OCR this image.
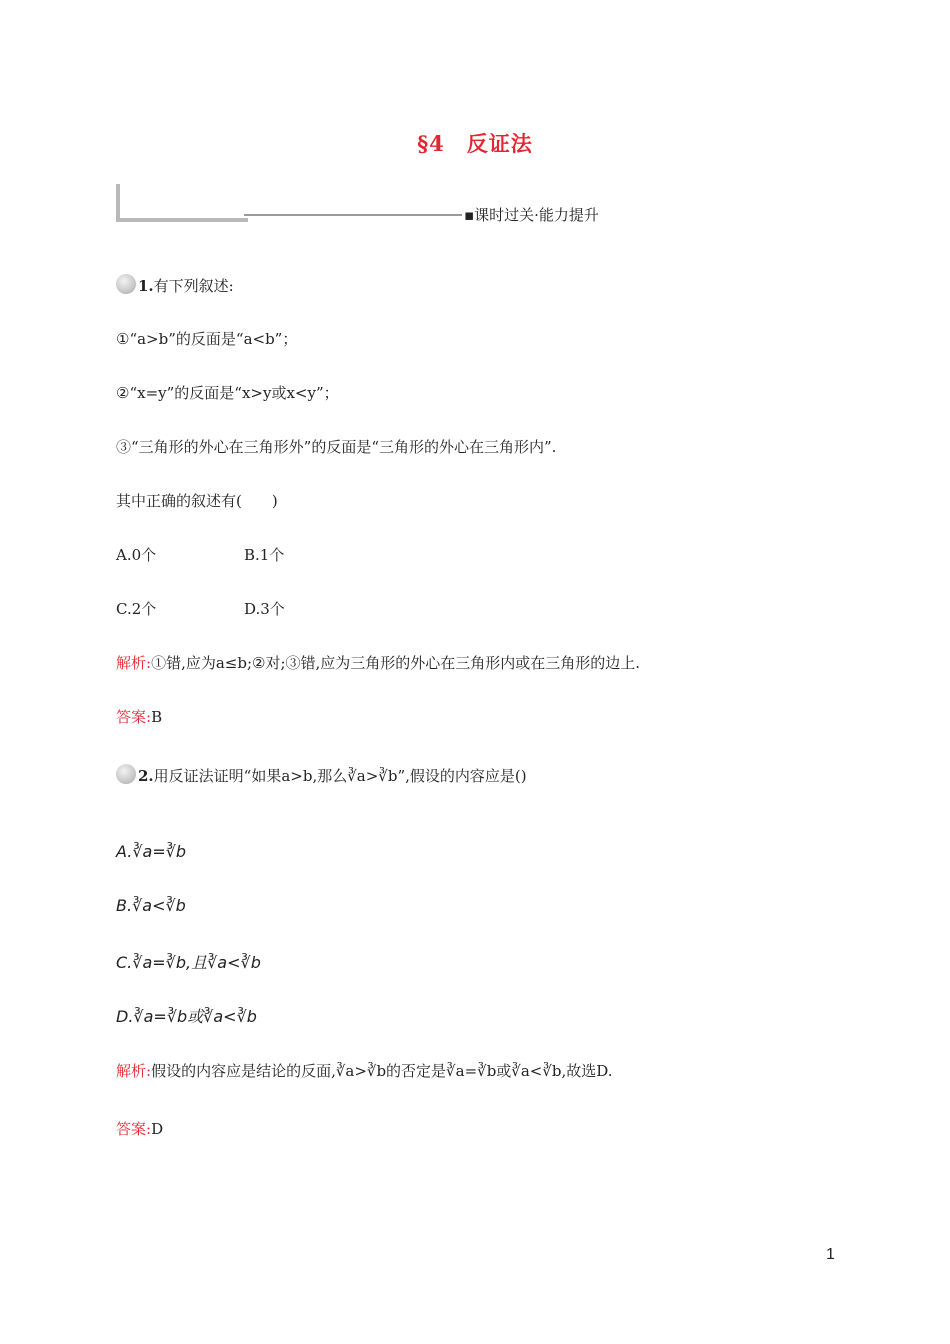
§4　反证法
▪课时过关·能力提升
1.有下列叙述:
①“a>b”的反面是“a<b”；
②“x=y”的反面是“x>y或x<y”；
③“三角形的外心在三角形外”的反面是“三角形的外心在三角形内”.
其中正确的叙述有(　　)
A.0个	B.1个
C.2个	D.3个
解析:①错,应为a≤b;②对;③错,应为三角形的外心在三角形内或在三角形的边上.
答案:B
2.用反证法证明“如果a>b,那么∛a>∛b”,假设的内容应是()
A.∛a=∛b
B.∛a<∛b
C.∛a=∛b,且∛a<∛b
D.∛a=∛b或∛a<∛b
解析:假设的内容应是结论的反面,∛a>∛b的否定是∛a=∛b或∛a<∛b,故选D.
答案:D
1
